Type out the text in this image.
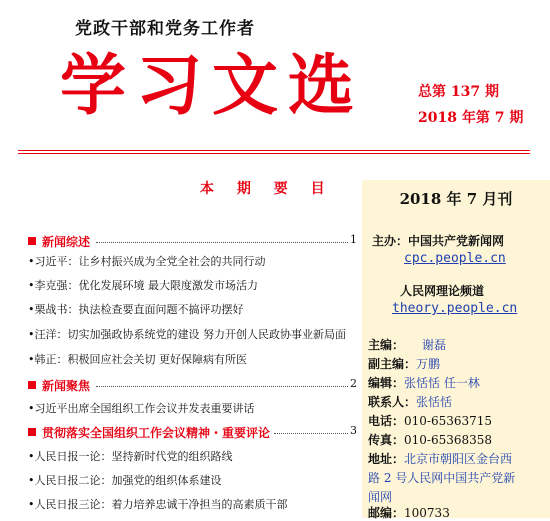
党政干部和党务工作者
学习文选	总第 137 期
2018 年第 7 期
本 期 要 目
新闻综述	1
•习近平：让乡村振兴成为全党全社会的共同行动
•李克强：优化发展环境 最大限度激发市场活力
•栗战书：执法检查要直面问题不搞评功摆好
•汪洋：切实加强政协系统党的建设 努力开创人民政协事业新局面
•韩正：积极回应社会关切 更好保障病有所医
新闻聚焦	2
•习近平出席全国组织工作会议并发表重要讲话
贯彻落实全国组织工作会议精神・重要评论	3
•人民日报一论：坚持新时代党的组织路线
•人民日报二论：加强党的组织体系建设
•人民日报三论：着力培养忠诚干净担当的高素质干部
2018 年 7 月刊
主办：中国共产党新闻网
cpc.people.cn
人民网理论频道
theory.people.cn
主编： 谢磊
副主编：万鹏
编辑：张恬恬 任一林
联系人：张恬恬
电话：010-65363715
传真：010-65368358
地址：北京市朝阳区金台西
路 2 号人民网中国共产党新
闻网
邮编：100733
